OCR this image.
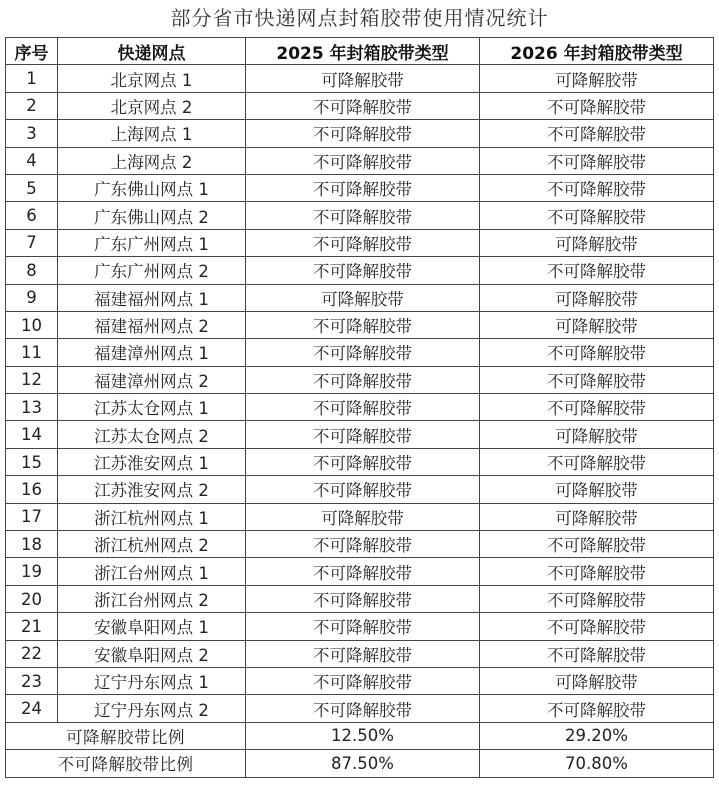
部分省市快递网点封箱胶带使用情况统计
序号	快递网点	2025 年封箱胶带类型	2026 年封箱胶带类型
1	北京网点 1	可降解胶带	可降解胶带
2	北京网点 2	不可降解胶带	不可降解胶带
3	上海网点 1	不可降解胶带	不可降解胶带
4	上海网点 2	不可降解胶带	不可降解胶带
5	广东佛山网点 1	不可降解胶带	不可降解胶带
6	广东佛山网点 2	不可降解胶带	不可降解胶带
7	广东广州网点 1	不可降解胶带	可降解胶带
8	广东广州网点 2	不可降解胶带	不可降解胶带
9	福建福州网点 1	可降解胶带	可降解胶带
10	福建福州网点 2	不可降解胶带	可降解胶带
11	福建漳州网点 1	不可降解胶带	不可降解胶带
12	福建漳州网点 2	不可降解胶带	不可降解胶带
13	江苏太仓网点 1	不可降解胶带	不可降解胶带
14	江苏太仓网点 2	不可降解胶带	可降解胶带
15	江苏淮安网点 1	不可降解胶带	不可降解胶带
16	江苏淮安网点 2	不可降解胶带	可降解胶带
17	浙江杭州网点 1	可降解胶带	可降解胶带
18	浙江杭州网点 2	不可降解胶带	不可降解胶带
19	浙江台州网点 1	不可降解胶带	不可降解胶带
20	浙江台州网点 2	不可降解胶带	不可降解胶带
21	安徽阜阳网点 1	不可降解胶带	不可降解胶带
22	安徽阜阳网点 2	不可降解胶带	不可降解胶带
23	辽宁丹东网点 1	不可降解胶带	可降解胶带
24	辽宁丹东网点 2	不可降解胶带	不可降解胶带
可降解胶带比例		12.50%	29.20%
不可降解胶带比例		87.50%	70.80%
